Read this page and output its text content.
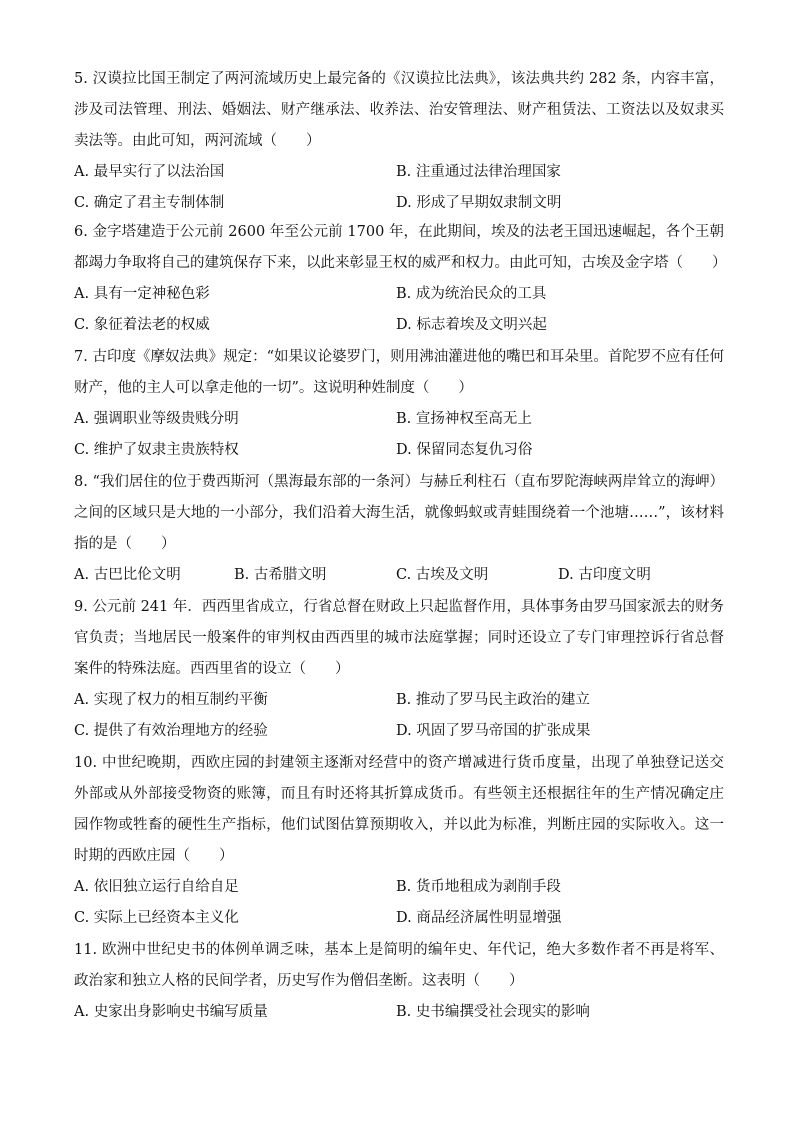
5. 汉谟拉比国王制定了两河流域历史上最完备的《汉谟拉比法典》，该法典共约 282 条，内容丰富，涉及司法管理、刑法、婚姻法、财产继承法、收养法、治安管理法、财产租赁法、工资法以及奴隶买卖法等。由此可知，两河流域（　　）

A. 最早实行了以法治国	B. 注重通过法律治理国家
C. 确定了君主专制体制	D. 形成了早期奴隶制文明

6. 金字塔建造于公元前 2600 年至公元前 1700 年，在此期间，埃及的法老王国迅速崛起，各个王朝都竭力争取将自己的建筑保存下来，以此来彰显王权的威严和权力。由此可知，古埃及金字塔（　　）

A. 具有一定神秘色彩	B. 成为统治民众的工具
C. 象征着法老的权威	D. 标志着埃及文明兴起

7. 古印度《摩奴法典》规定：“如果议论婆罗门，则用沸油灌进他的嘴巴和耳朵里。首陀罗不应有任何财产，他的主人可以拿走他的一切”。这说明种姓制度（　　）

A. 强调职业等级贵贱分明	B. 宣扬神权至高无上
C. 维护了奴隶主贵族特权	D. 保留同态复仇习俗

8. “我们居住的位于费西斯河（黑海最东部的一条河）与赫丘利柱石（直布罗陀海峡两岸耸立的海岬）之间的区域只是大地的一小部分，我们沿着大海生活，就像蚂蚁或青蛙围绕着一个池塘……”，该材料指的是（　　）

A. 古巴比伦文明	B. 古希腊文明	C. 古埃及文明	D. 古印度文明

9. 公元前 241 年．西西里省成立，行省总督在财政上只起监督作用，具体事务由罗马国家派去的财务官负责；当地居民一般案件的审判权由西西里的城市法庭掌握；同时还设立了专门审理控诉行省总督案件的特殊法庭。西西里省的设立（　　）

A. 实现了权力的相互制约平衡	B. 推动了罗马民主政治的建立
C. 提供了有效治理地方的经验	D. 巩固了罗马帝国的扩张成果

10. 中世纪晚期，西欧庄园的封建领主逐渐对经营中的资产增减进行货币度量，出现了单独登记送交外部或从外部接受物资的账簿，而且有时还将其折算成货币。有些领主还根据往年的生产情况确定庄园作物或牲畜的硬性生产指标，他们试图估算预期收入，并以此为标准，判断庄园的实际收入。这一时期的西欧庄园（　　）

A. 依旧独立运行自给自足	B. 货币地租成为剥削手段
C. 实际上已经资本主义化	D. 商品经济属性明显增强

11. 欧洲中世纪史书的体例单调乏味，基本上是简明的编年史、年代记，绝大多数作者不再是将军、政治家和独立人格的民间学者，历史写作为僧侣垄断。这表明（　　）

A. 史家出身影响史书编写质量	B. 史书编撰受社会现实的影响
